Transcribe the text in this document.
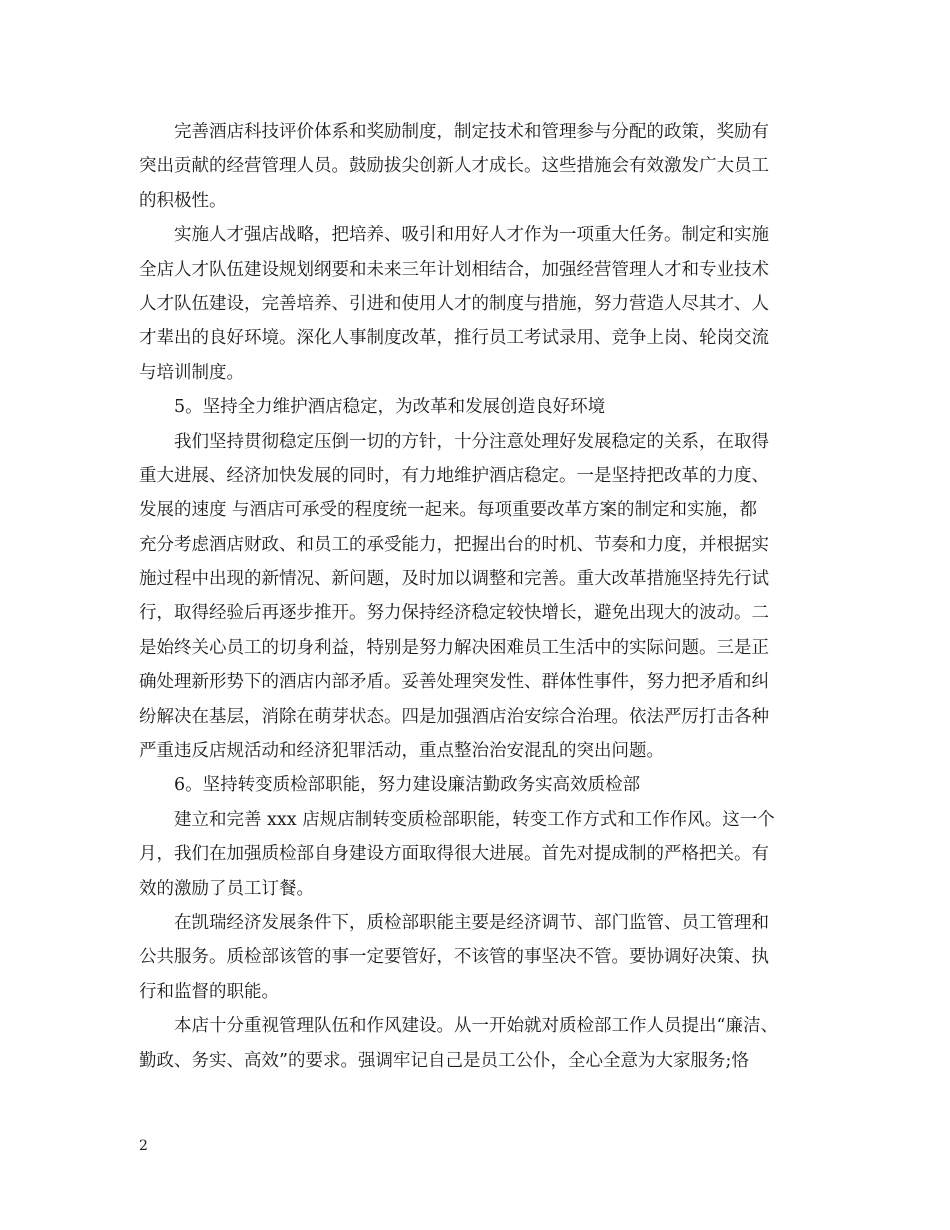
完善酒店科技评价体系和奖励制度，制定技术和管理参与分配的政策，奖励有
突出贡献的经营管理人员。鼓励拔尖创新人才成长。这些措施会有效激发广大员工
的积极性。
实施人才强店战略，把培养、吸引和用好人才作为一项重大任务。制定和实施
全店人才队伍建设规划纲要和未来三年计划相结合，加强经营管理人才和专业技术
人才队伍建设，完善培养、引进和使用人才的制度与措施，努力营造人尽其才、人
才辈出的良好环境。深化人事制度改革，推行员工考试录用、竞争上岗、轮岗交流
与培训制度。
5。坚持全力维护酒店稳定，为改革和发展创造良好环境
我们坚持贯彻稳定压倒一切的方针，十分注意处理好发展稳定的关系，在取得
重大进展、经济加快发展的同时，有力地维护酒店稳定。一是坚持把改革的力度、
发展的速度 与酒店可承受的程度统一起来。每项重要改革方案的制定和实施，都
充分考虑酒店财政、和员工的承受能力，把握出台的时机、节奏和力度，并根据实
施过程中出现的新情况、新问题，及时加以调整和完善。重大改革措施坚持先行试
行，取得经验后再逐步推开。努力保持经济稳定较快增长，避免出现大的波动。二
是始终关心员工的切身利益，特别是努力解决困难员工生活中的实际问题。三是正
确处理新形势下的酒店内部矛盾。妥善处理突发性、群体性事件，努力把矛盾和纠
纷解决在基层，消除在萌芽状态。四是加强酒店治安综合治理。依法严厉打击各种
严重违反店规活动和经济犯罪活动，重点整治治安混乱的突出问题。
6。坚持转变质检部职能，努力建设廉洁勤政务实高效质检部
建立和完善 xxx 店规店制转变质检部职能，转变工作方式和工作作风。这一个
月，我们在加强质检部自身建设方面取得很大进展。首先对提成制的严格把关。有
效的激励了员工订餐。
在凯瑞经济发展条件下，质检部职能主要是经济调节、部门监管、员工管理和
公共服务。质检部该管的事一定要管好，不该管的事坚决不管。要协调好决策、执
行和监督的职能。
本店十分重视管理队伍和作风建设。从一开始就对质检部工作人员提出“廉洁、
勤政、务实、高效”的要求。强调牢记自己是员工公仆，全心全意为大家服务;恪
2
